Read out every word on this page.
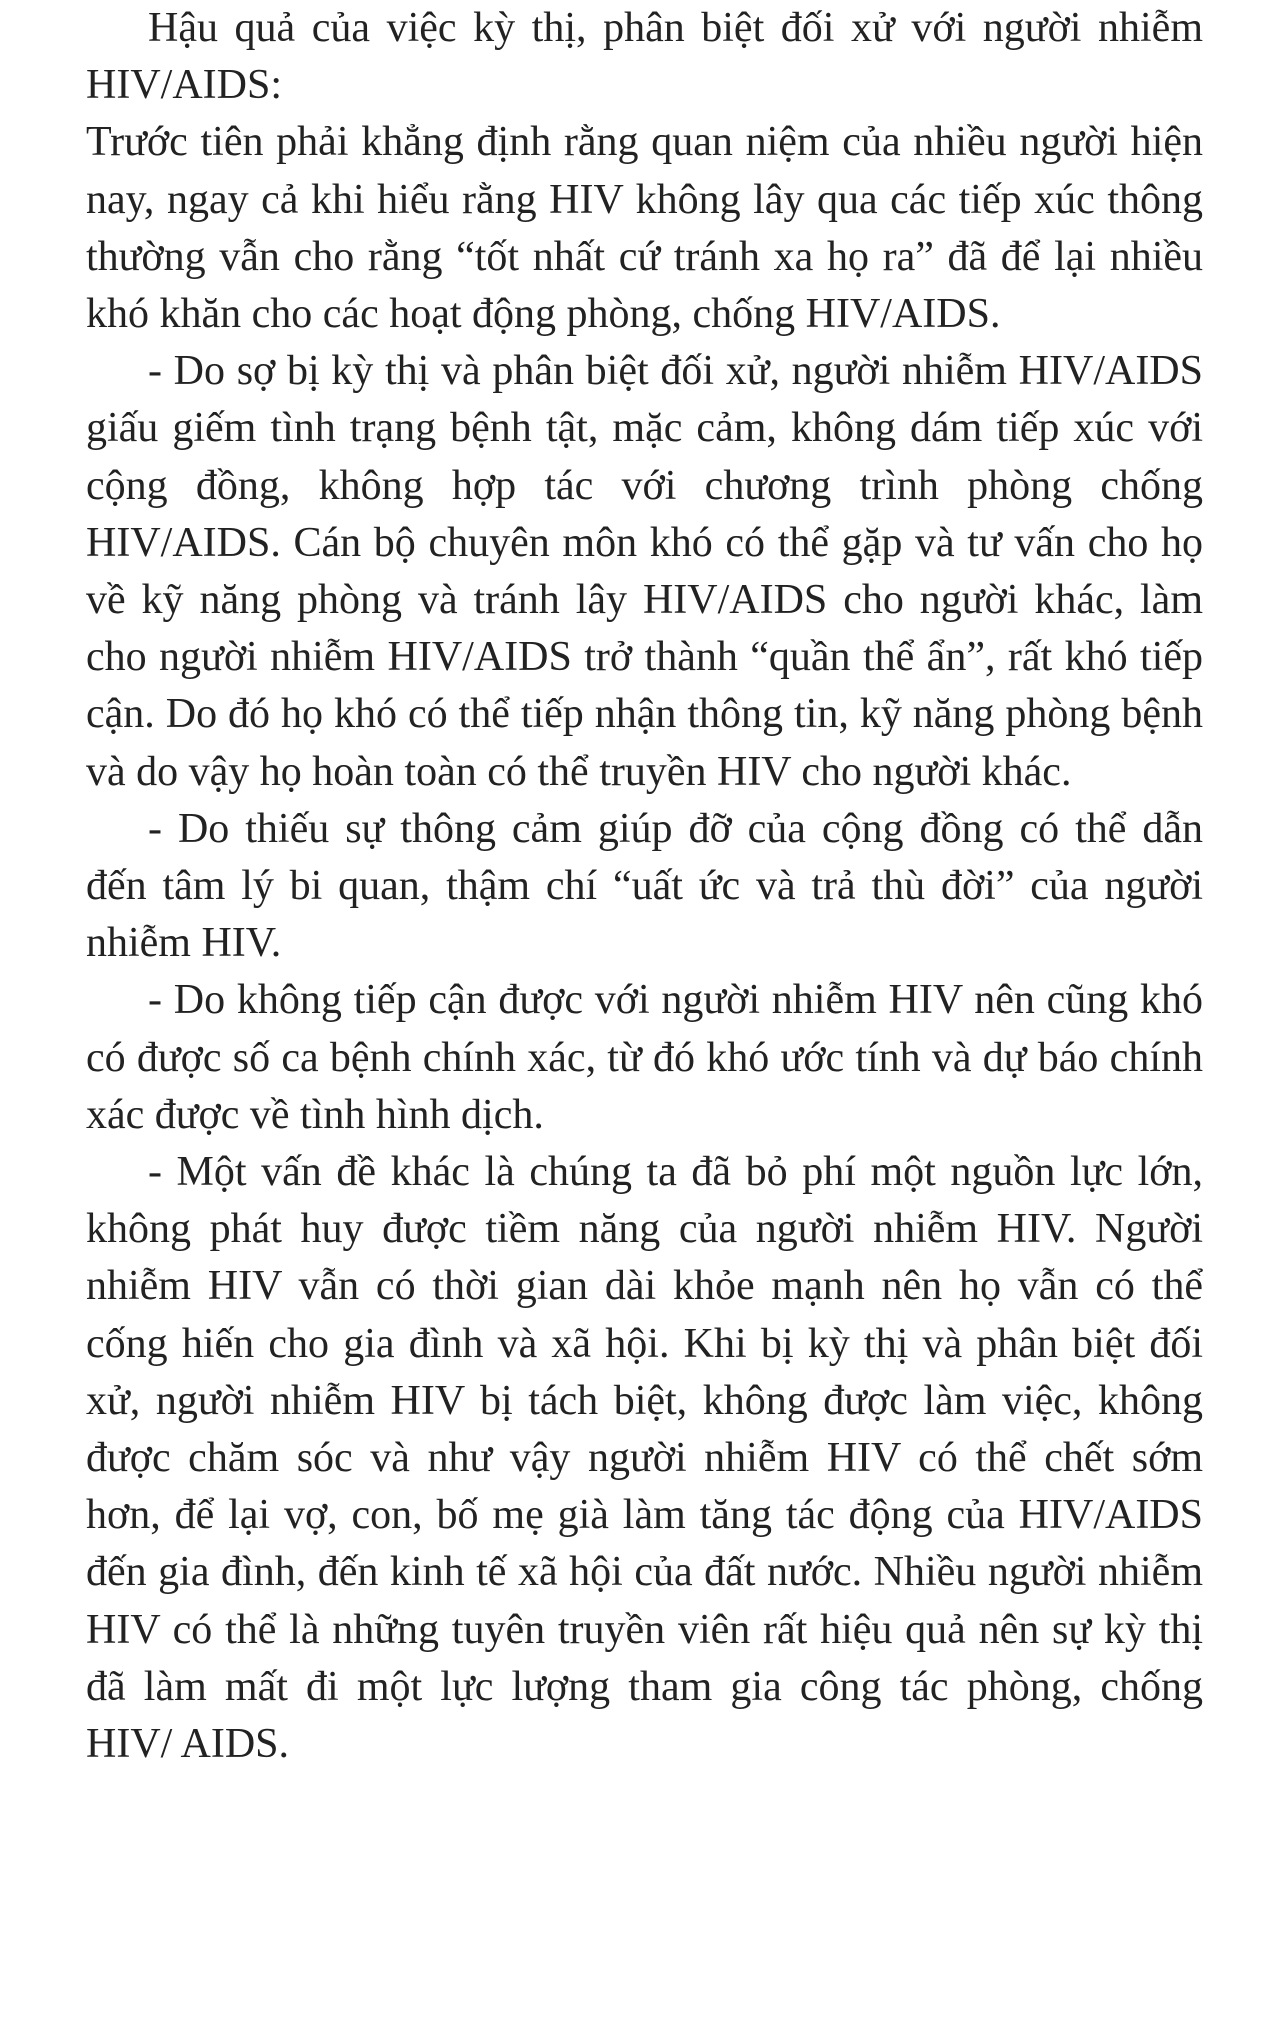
Hậu quả của việc kỳ thị, phân biệt đối xử với người nhiễm HIV/AIDS:

Trước tiên phải khẳng định rằng quan niệm của nhiều người hiện nay, ngay cả khi hiểu rằng HIV không lây qua các tiếp xúc thông thường vẫn cho rằng “tốt nhất cứ tránh xa họ ra” đã để lại nhiều khó khăn cho các hoạt động phòng, chống HIV/AIDS.

- Do sợ bị kỳ thị và phân biệt đối xử, người nhiễm HIV/AIDS giấu giếm tình trạng bệnh tật, mặc cảm, không dám tiếp xúc với cộng đồng, không hợp tác với chương trình phòng chống HIV/AIDS. Cán bộ chuyên môn khó có thể gặp và tư vấn cho họ về kỹ năng phòng và tránh lây HIV/AIDS cho người khác, làm cho người nhiễm HIV/AIDS trở thành “quần thể ẩn”, rất khó tiếp cận. Do đó họ khó có thể tiếp nhận thông tin, kỹ năng phòng bệnh và do vậy họ hoàn toàn có thể truyền HIV cho người khác.

- Do thiếu sự thông cảm giúp đỡ của cộng đồng có thể dẫn đến tâm lý bi quan, thậm chí “uất ức và trả thù đời” của người nhiễm HIV.

- Do không tiếp cận được với người nhiễm HIV nên cũng khó có được số ca bệnh chính xác, từ đó khó ước tính và dự báo chính xác được về tình hình dịch.

- Một vấn đề khác là chúng ta đã bỏ phí một nguồn lực lớn, không phát huy được tiềm năng của người nhiễm HIV. Người nhiễm HIV vẫn có thời gian dài khỏe mạnh nên họ vẫn có thể cống hiến cho gia đình và xã hội. Khi bị kỳ thị và phân biệt đối xử, người nhiễm HIV bị tách biệt, không được làm việc, không được chăm sóc và như vậy người nhiễm HIV có thể chết sớm hơn, để lại vợ, con, bố mẹ già làm tăng tác động của HIV/AIDS đến gia đình, đến kinh tế xã hội của đất nước. Nhiều người nhiễm HIV có thể là những tuyên truyền viên rất hiệu quả nên sự kỳ thị đã làm mất đi một lực lượng tham gia công tác phòng, chống HIV/ AIDS.
